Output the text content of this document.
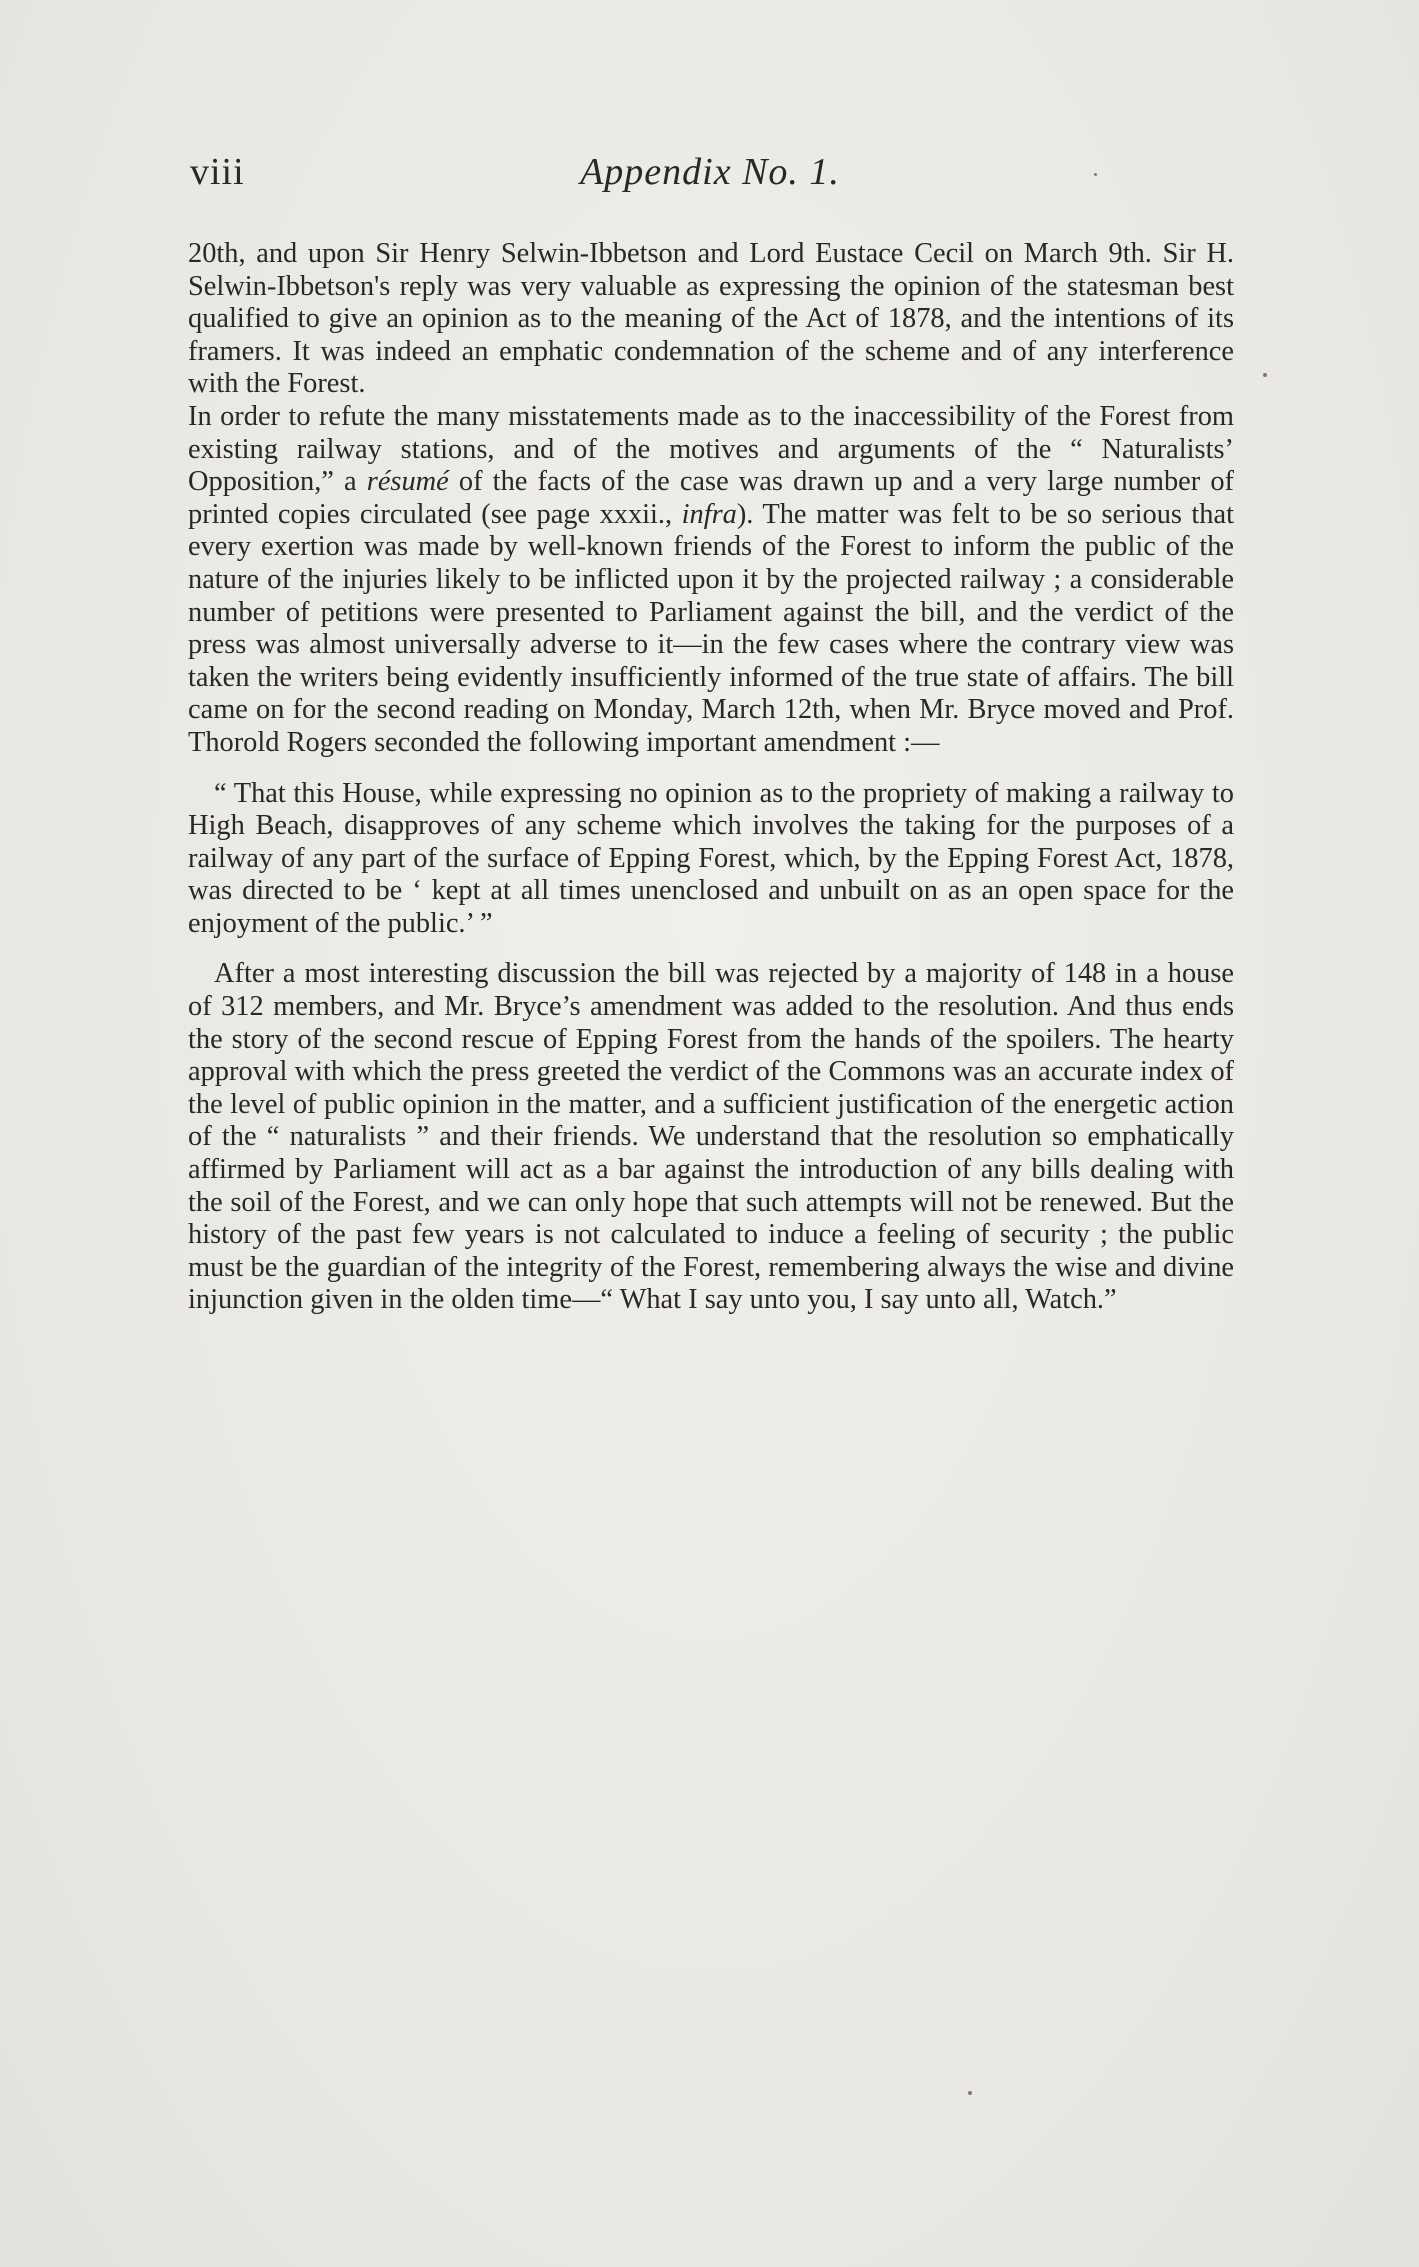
viii	Appendix No. 1.

20th, and upon Sir Henry Selwin-Ibbetson and Lord Eustace Cecil on March 9th. Sir H. Selwin-Ibbetson's reply was very valuable as expressing the opinion of the statesman best qualified to give an opinion as to the meaning of the Act of 1878, and the intentions of its framers. It was indeed an emphatic condemnation of the scheme and of any interference with the Forest.

In order to refute the many misstatements made as to the inaccessibility of the Forest from existing railway stations, and of the motives and arguments of the “ Naturalists’ Opposition,” a résumé of the facts of the case was drawn up and a very large number of printed copies circulated (see page xxxii., infra). The matter was felt to be so serious that every exertion was made by well-known friends of the Forest to inform the public of the nature of the injuries likely to be inflicted upon it by the projected railway ; a considerable number of petitions were presented to Parliament against the bill, and the verdict of the press was almost universally adverse to it—in the few cases where the contrary view was taken the writers being evidently insufficiently informed of the true state of affairs. The bill came on for the second reading on Monday, March 12th, when Mr. Bryce moved and Prof. Thorold Rogers seconded the following important amendment :—

“ That this House, while expressing no opinion as to the propriety of making a railway to High Beach, disapproves of any scheme which involves the taking for the purposes of a railway of any part of the surface of Epping Forest, which, by the Epping Forest Act, 1878, was directed to be ‘ kept at all times unenclosed and unbuilt on as an open space for the enjoyment of the public.’ ”

After a most interesting discussion the bill was rejected by a majority of 148 in a house of 312 members, and Mr. Bryce’s amendment was added to the resolution. And thus ends the story of the second rescue of Epping Forest from the hands of the spoilers. The hearty approval with which the press greeted the verdict of the Commons was an accurate index of the level of public opinion in the matter, and a sufficient justification of the energetic action of the “ naturalists ” and their friends. We understand that the resolution so emphatically affirmed by Parliament will act as a bar against the introduction of any bills dealing with the soil of the Forest, and we can only hope that such attempts will not be renewed. But the history of the past few years is not calculated to induce a feeling of security ; the public must be the guardian of the integrity of the Forest, remembering always the wise and divine injunction given in the olden time—“ What I say unto you, I say unto all, Watch.”
